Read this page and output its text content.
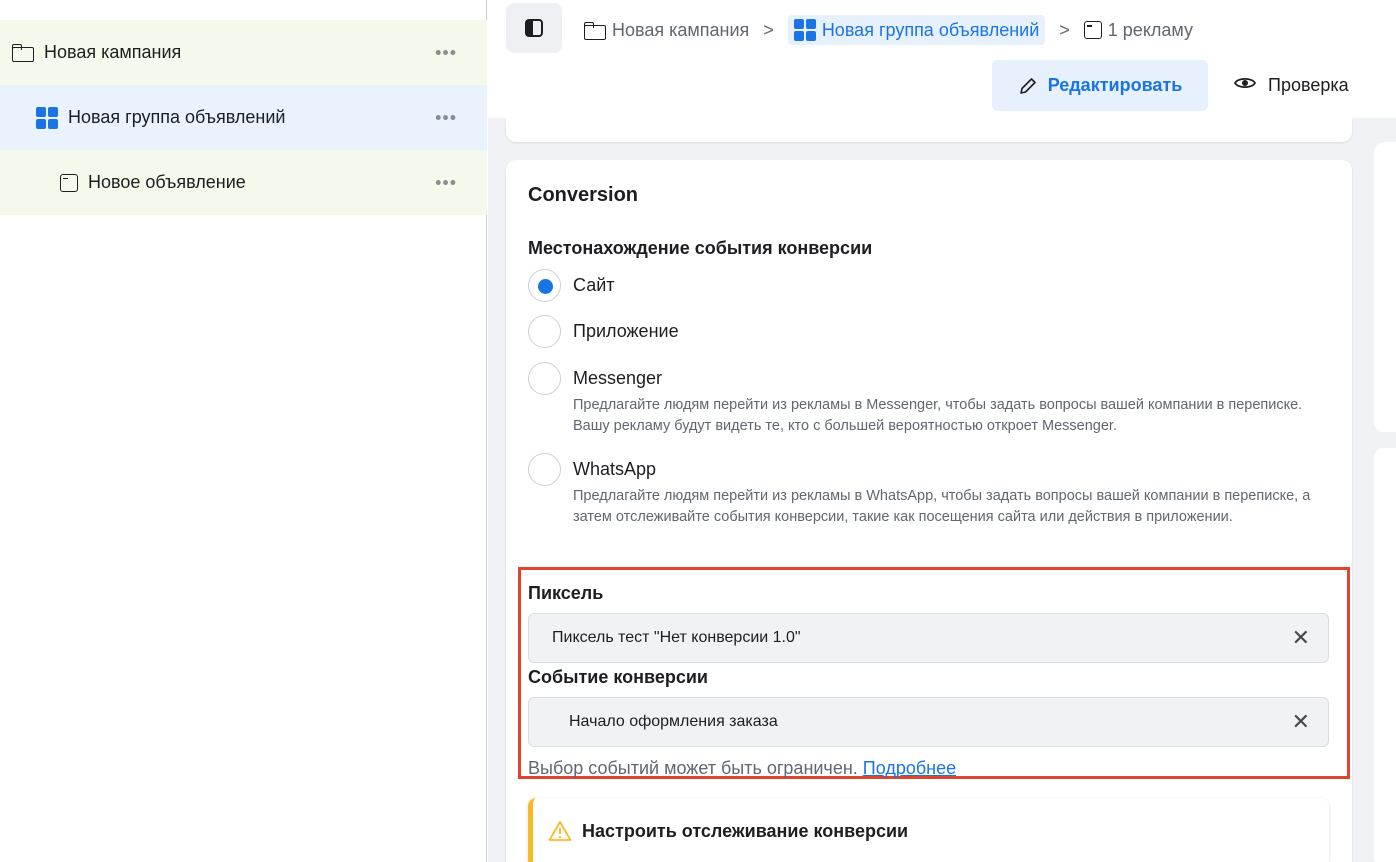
Новая кампания	•••
Новая группа объявлений	•••
Новое объявление	•••
Новая кампания >	Новая группа объявлений > 1 рекламу
Редактировать	Проверка
Conversion
Местонахождение события конверсии
Сайт
Приложение
Messenger
Предлагайте людям перейти из рекламы в Messenger, чтобы задать вопросы вашей компании в переписке. Вашу рекламу будут видеть те, кто с большей вероятностью откроет Messenger.
WhatsApp
Предлагайте людям перейти из рекламы в WhatsApp, чтобы задать вопросы вашей компании в переписке, а затем отслеживайте события конверсии, такие как посещения сайта или действия в приложении.
Пиксель
Пиксель тест "Нет конверсии 1.0"	✕
Событие конверсии
Начало оформления заказа	✕
Выбор событий может быть ограничен. Подробнее
Настроить отслеживание конверсии
